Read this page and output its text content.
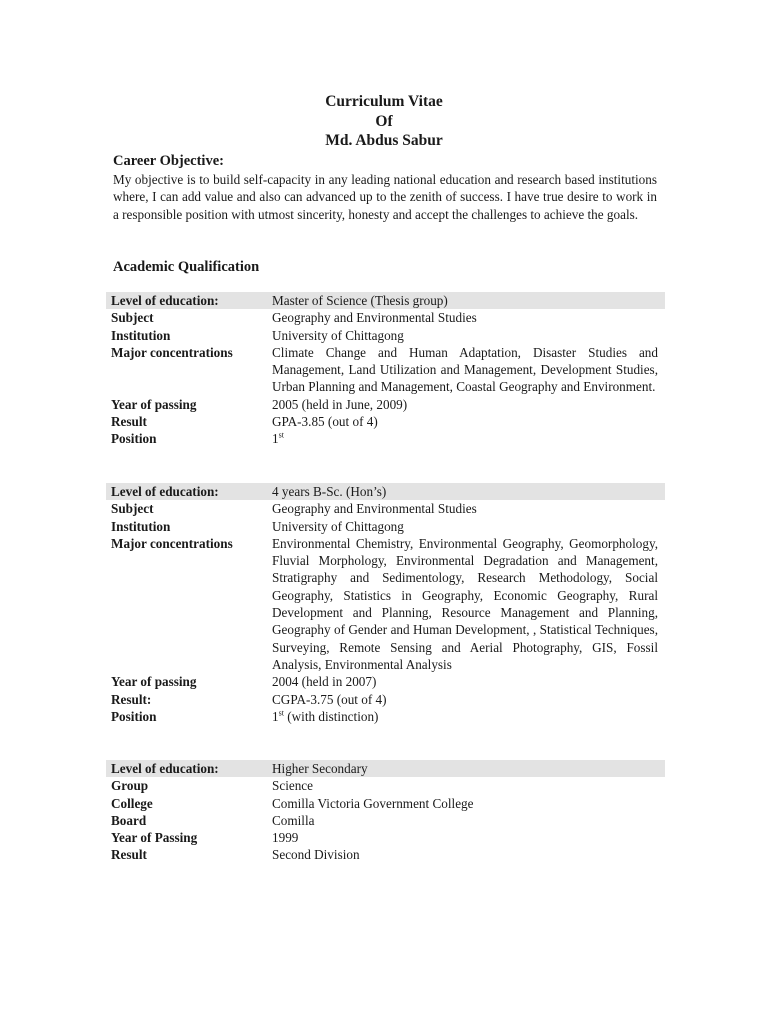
Curriculum Vitae
Of
Md. Abdus Sabur
Career Objective:

My objective is to build self-capacity in any leading national education and research based institutions where, I can add value and also can advanced up to the zenith of success. I have true desire to work in a responsible position with utmost sincerity, honesty and accept the challenges to achieve the goals.

Academic Qualification
Level of education:	Master of Science (Thesis group)
Subject	Geography and Environmental Studies
Institution	University of Chittagong
Major concentrations	Climate Change and Human Adaptation, Disaster Studies and Management, Land Utilization and Management, Development Studies, Urban Planning and Management, Coastal Geography and Environment.
Year of passing	2005 (held in June, 2009)
Result	GPA-3.85 (out of 4)
Position	1st
Level of education:	4 years B-Sc. (Hon’s)
Subject	Geography and Environmental Studies
Institution	University of Chittagong
Major concentrations	Environmental Chemistry, Environmental Geography, Geomorphology, Fluvial Morphology, Environmental Degradation and Management, Stratigraphy and Sedimentology, Research Methodology, Social Geography, Statistics in Geography, Economic Geography, Rural Development and Planning, Resource Management and Planning, Geography of Gender and Human Development, , Statistical Techniques, Surveying, Remote Sensing and Aerial Photography, GIS, Fossil Analysis, Environmental Analysis
Year of passing	2004 (held in 2007)
Result:	CGPA-3.75 (out of 4)
Position	1st (with distinction)
Level of education:	Higher Secondary
Group	Science
College	Comilla Victoria Government College
Board	Comilla
Year of Passing	1999
Result	Second Division
